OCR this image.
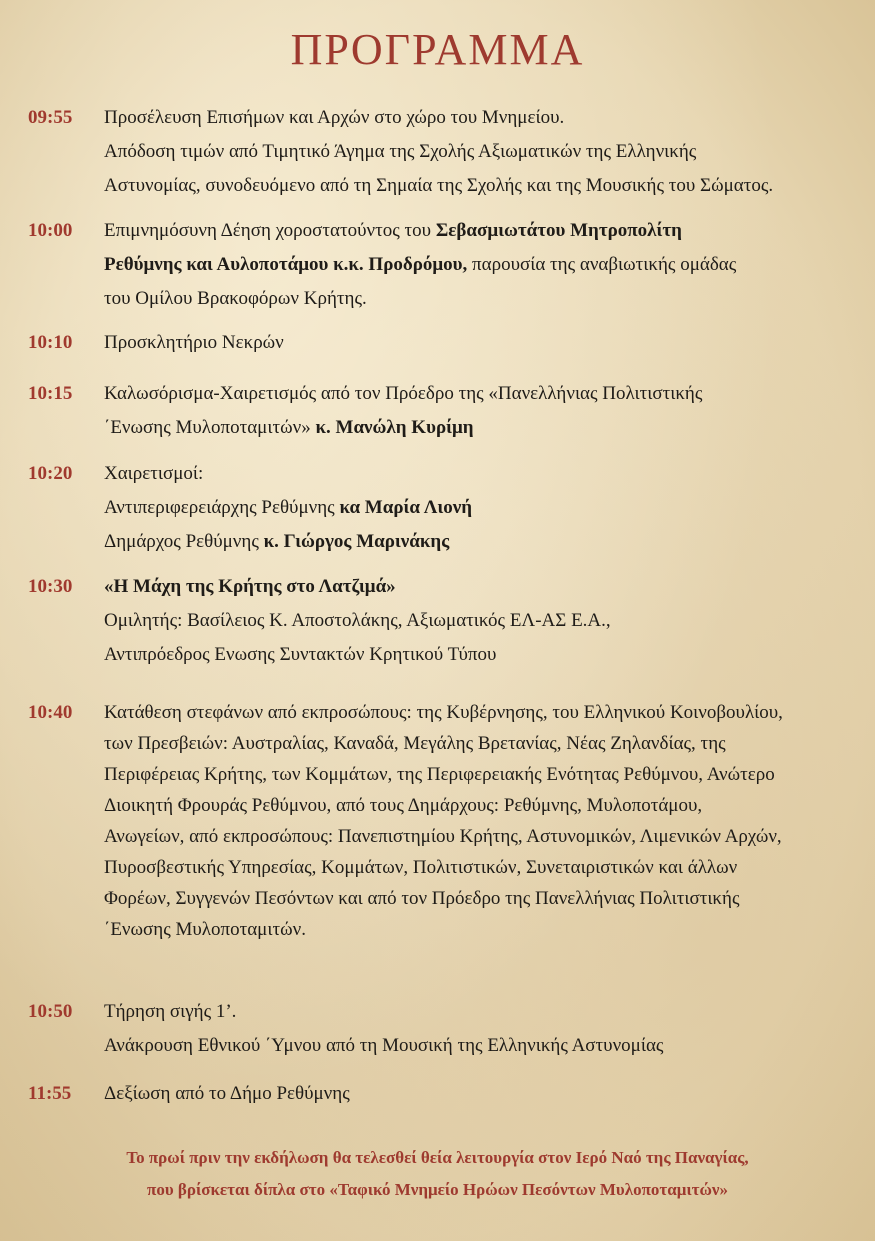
ΠΡΟΓΡΑΜΜΑ
09:55	Προσέλευση Επισήμων και Αρχών στο χώρο του Μνημείου.
Απόδοση τιμών από Τιμητικό Άγημα της Σχολής Αξιωματικών της Ελληνικής
Αστυνομίας, συνοδευόμενο από τη Σημαία της Σχολής και της Μουσικής του Σώματος.
10:00	Επιμνημόσυνη Δέηση χοροστατούντος του Σεβασμιωτάτου Μητροπολίτη
Ρεθύμνης και Αυλοποτάμου κ.κ. Προδρόμου, παρουσία της αναβιωτικής ομάδας
του Ομίλου Βρακοφόρων Κρήτης.
10:10	Προσκλητήριο Νεκρών
10:15	Καλωσόρισμα-Χαιρετισμός από τον Πρόεδρο της «Πανελλήνιας Πολιτιστικής
΄Ενωσης Μυλοποταμιτών» κ. Μανώλη Κυρίμη
10:20	Χαιρετισμοί:
Αντιπεριφερειάρχης Ρεθύμνης κα Μαρία Λιονή
Δημάρχος Ρεθύμνης κ. Γιώργος Μαρινάκης
10:30	«Η Μάχη της Κρήτης στο Λατζιμά»
Ομιλητής: Βασίλειος Κ. Αποστολάκης, Αξιωματικός ΕΛ-ΑΣ Ε.Α.,
Αντιπρόεδρος Ενωσης Συντακτών Κρητικού Τύπου
10:40	Κατάθεση στεφάνων από εκπροσώπους: της Κυβέρνησης, του Ελληνικού Κοινοβουλίου,
των Πρεσβειών: Αυστραλίας, Καναδά, Μεγάλης Βρετανίας, Νέας Ζηλανδίας, της
Περιφέρειας Κρήτης, των Κομμάτων, της Περιφερειακής Ενότητας Ρεθύμνου, Ανώτερο
Διοικητή Φρουράς Ρεθύμνου, από τους Δημάρχους: Ρεθύμνης, Μυλοποτάμου,
Ανωγείων, από εκπροσώπους: Πανεπιστημίου Κρήτης, Αστυνομικών, Λιμενικών Αρχών,
Πυροσβεστικής Υπηρεσίας, Κομμάτων, Πολιτιστικών, Συνεταιριστικών και άλλων
Φορέων, Συγγενών Πεσόντων και από τον Πρόεδρο της Πανελλήνιας Πολιτιστικής
΄Ενωσης Μυλοποταμιτών.
10:50	Τήρηση σιγής 1’.
Ανάκρουση Εθνικού ΄Υμνου από τη Μουσική της Ελληνικής Αστυνομίας
11:55	Δεξίωση από το Δήμο Ρεθύμνης
Το πρωί πριν την εκδήλωση θα τελεσθεί θεία λειτουργία στον Ιερό Ναό της Παναγίας,
που βρίσκεται δίπλα στο «Ταφικό Μνημείο Ηρώων Πεσόντων Μυλοποταμιτών»
